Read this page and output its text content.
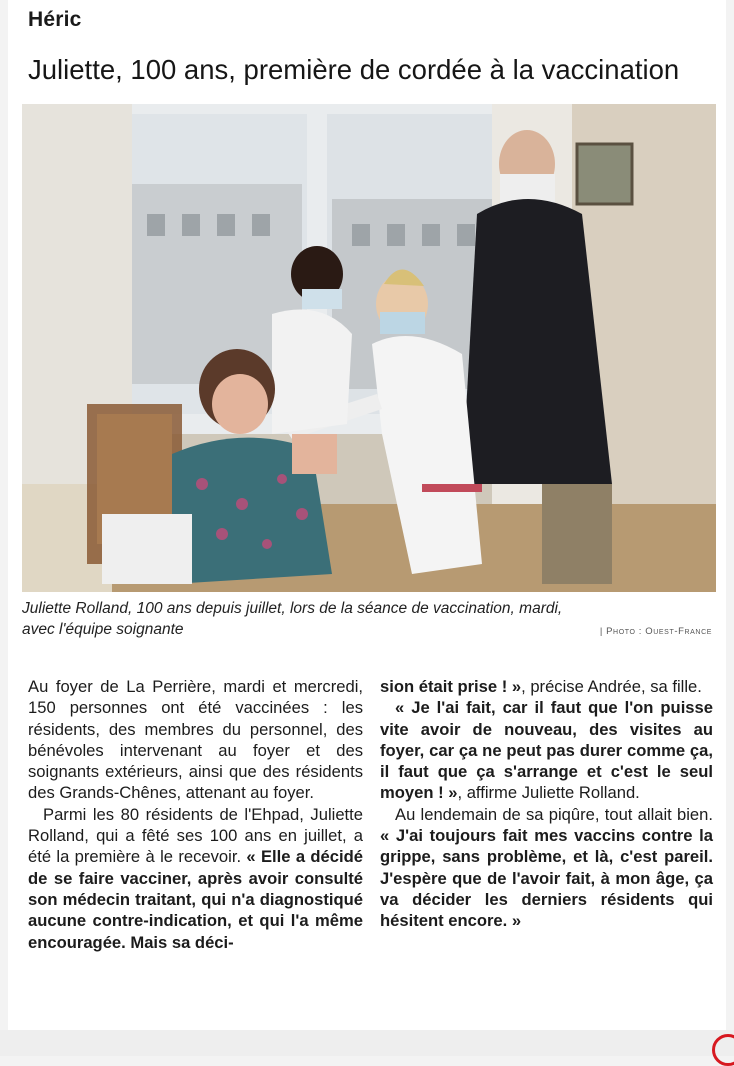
Héric
Juliette, 100 ans, première de cordée à la vaccination
Juliette Rolland, 100 ans depuis juillet, lors de la séance de vaccination, mardi,
avec l'équipe soignante	| Photo : Ouest-France

Au foyer de La Perrière, mardi et mercredi, 150 personnes ont été vaccinées : les résidents, des membres du personnel, des bénévoles intervenant au foyer et des soignants extérieurs, ainsi que des résidents des Grands-Chênes, attenant au foyer.

Parmi les 80 résidents de l'Ehpad, Juliette Rolland, qui a fêté ses 100 ans en juillet, a été la première à le recevoir. « Elle a décidé de se faire vacciner, après avoir consulté son médecin traitant, qui n'a diagnostiqué aucune contre-indication, et qui l'a même encouragée. Mais sa déci-

sion était prise ! », précise Andrée, sa fille.

« Je l'ai fait, car il faut que l'on puisse vite avoir de nouveau, des visites au foyer, car ça ne peut pas durer comme ça, il faut que ça s'arrange et c'est le seul moyen ! », affirme Juliette Rolland.

Au lendemain de sa piqûre, tout allait bien. « J'ai toujours fait mes vaccins contre la grippe, sans problème, et là, c'est pareil. J'espère que de l'avoir fait, à mon âge, ça va décider les derniers résidents qui hésitent encore. »
